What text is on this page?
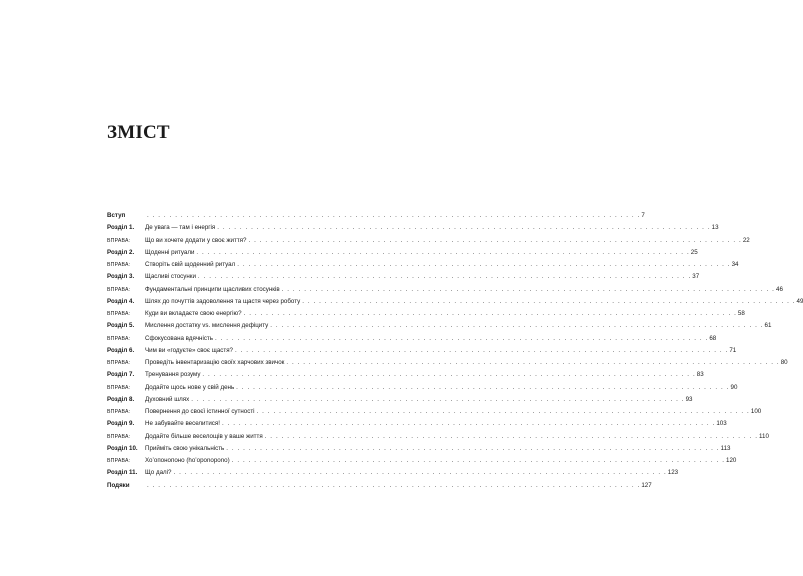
ЗМІСТ
Вступ . . .	7
Розділ 1.	Де увага — там і енергія . . .	13
ВПРАВА:	Що ви хочете додати у своє життя? . . .	22
Розділ 2.	Щоденні ритуали . . .	25
ВПРАВА:	Створіть свій щоденний ритуал . . .	34
Розділ 3.	Щасливі стосунки . . .	37
ВПРАВА:	Фундаментальні принципи щасливих стосунків . . .	46
Розділ 4.	Шлях до почуттів задоволення та щастя через роботу . . .	49
ВПРАВА:	Куди ви вкладаєте свою енергію? . . .	58
Розділ 5.	Мислення достатку vs. мислення дефіциту . . .	61
ВПРАВА:	Сфокусована вдячність . . .	68
Розділ 6.	Чим ви «годуєте» своє щастя? . . .	71
ВПРАВА:	Проведіть інвентаризацію своїх харчових звичок . . .	80
Розділ 7.	Тренування розуму . . .	83
ВПРАВА:	Додайте щось нове у свій день . . .	90
Розділ 8.	Духовний шлях . . .	93
ВПРАВА:	Повернення до своєї істинної сутності . . .	100
Розділ 9.	Не забувайте веселитися! . . .	103
ВПРАВА:	Додайте більше веселощів у ваше життя . . .	110
Розділ 10.	Прийміть свою унікальність . . .	113
ВПРАВА:	Хоʼопонопоно (hoʼoponopono) . . .	120
Розділ 11.	Що далі? . . .	123
Подяки . . .	127
